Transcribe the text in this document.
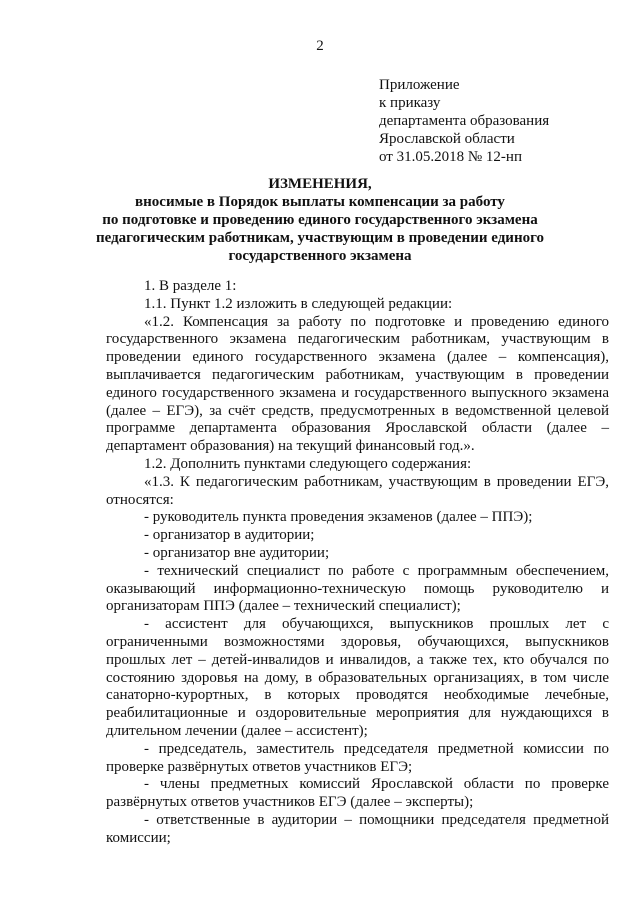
2
Приложение
к приказу
департамента образования
Ярославской области
от 31.05.2018 № 12-нп
ИЗМЕНЕНИЯ,
вносимые в Порядок выплаты компенсации за работу
по подготовке и проведению единого государственного экзамена
педагогическим работникам, участвующим в проведении единого
государственного экзамена

1. В разделе 1:

1.1. Пункт 1.2 изложить в следующей редакции:

«1.2. Компенсация за работу по подготовке и проведению единого государственного экзамена педагогическим работникам, участвующим в проведении единого государственного экзамена (далее – компенсация), выплачивается педагогическим работникам, участвующим в проведении единого государственного экзамена и государственного выпускного экзамена (далее – ЕГЭ), за счёт средств, предусмотренных в ведомственной целевой программе департамента образования Ярославской области (далее – департамент образования) на текущий финансовый год.».

1.2. Дополнить пунктами следующего содержания:

«1.3. К педагогическим работникам, участвующим в проведении ЕГЭ, относятся:

- руководитель пункта проведения экзаменов (далее – ППЭ);

- организатор в аудитории;

- организатор вне аудитории;

- технический специалист по работе с программным обеспечением, оказывающий информационно-техническую помощь руководителю и организаторам ППЭ (далее – технический специалист);

- ассистент для обучающихся, выпускников прошлых лет с ограниченными возможностями здоровья, обучающихся, выпускников прошлых лет – детей-инвалидов и инвалидов, а также тех, кто обучался по состоянию здоровья на дому, в образовательных организациях, в том числе санаторно-курортных, в которых проводятся необходимые лечебные, реабилитационные и оздоровительные мероприятия для нуждающихся в длительном лечении (далее – ассистент);

- председатель, заместитель председателя предметной комиссии по проверке развёрнутых ответов участников ЕГЭ;

- члены предметных комиссий Ярославской области по проверке развёрнутых ответов участников ЕГЭ (далее – эксперты);

- ответственные в аудитории – помощники председателя предметной комиссии;
